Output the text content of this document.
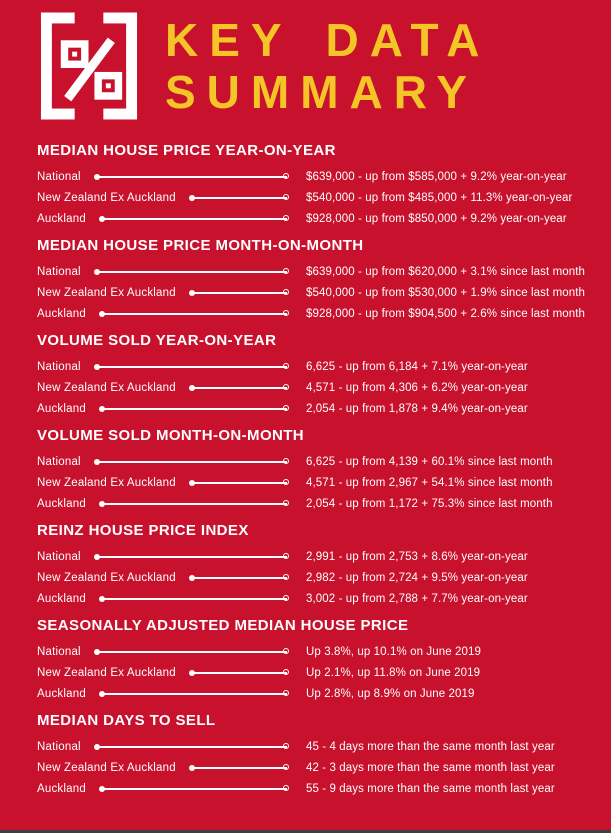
KEY DATA
SUMMARY
MEDIAN HOUSE PRICE YEAR-ON-YEAR
National	$639,000 - up from $585,000 + 9.2% year-on-year
New Zealand Ex Auckland	$540,000 - up from $485,000 + 11.3% year-on-year
Auckland	$928,000 - up from $850,000 + 9.2% year-on-year
MEDIAN HOUSE PRICE MONTH-ON-MONTH
National	$639,000 - up from $620,000 + 3.1% since last month
New Zealand Ex Auckland	$540,000 - up from $530,000 + 1.9% since last month
Auckland	$928,000 - up from $904,500 + 2.6% since last month
VOLUME SOLD YEAR-ON-YEAR
National	6,625 - up from 6,184 + 7.1% year-on-year
New Zealand Ex Auckland	4,571 - up from 4,306 + 6.2% year-on-year
Auckland	2,054 - up from 1,878 + 9.4% year-on-year
VOLUME SOLD MONTH-ON-MONTH
National	6,625 - up from 4,139 + 60.1% since last month
New Zealand Ex Auckland	4,571 - up from 2,967 + 54.1% since last month
Auckland	2,054 - up from 1,172 + 75.3% since last month
REINZ HOUSE PRICE INDEX
National	2,991 - up from 2,753 + 8.6% year-on-year
New Zealand Ex Auckland	2,982 - up from 2,724 + 9.5% year-on-year
Auckland	3,002 - up from 2,788 + 7.7% year-on-year
SEASONALLY ADJUSTED MEDIAN HOUSE PRICE
National	Up 3.8%, up 10.1% on June 2019
New Zealand Ex Auckland	Up 2.1%, up 11.8% on June 2019
Auckland	Up 2.8%, up 8.9% on June 2019
MEDIAN DAYS TO SELL
National	45 - 4 days more than the same month last year
New Zealand Ex Auckland	42 - 3 days more than the same month last year
Auckland	55 - 9 days more than the same month last year
